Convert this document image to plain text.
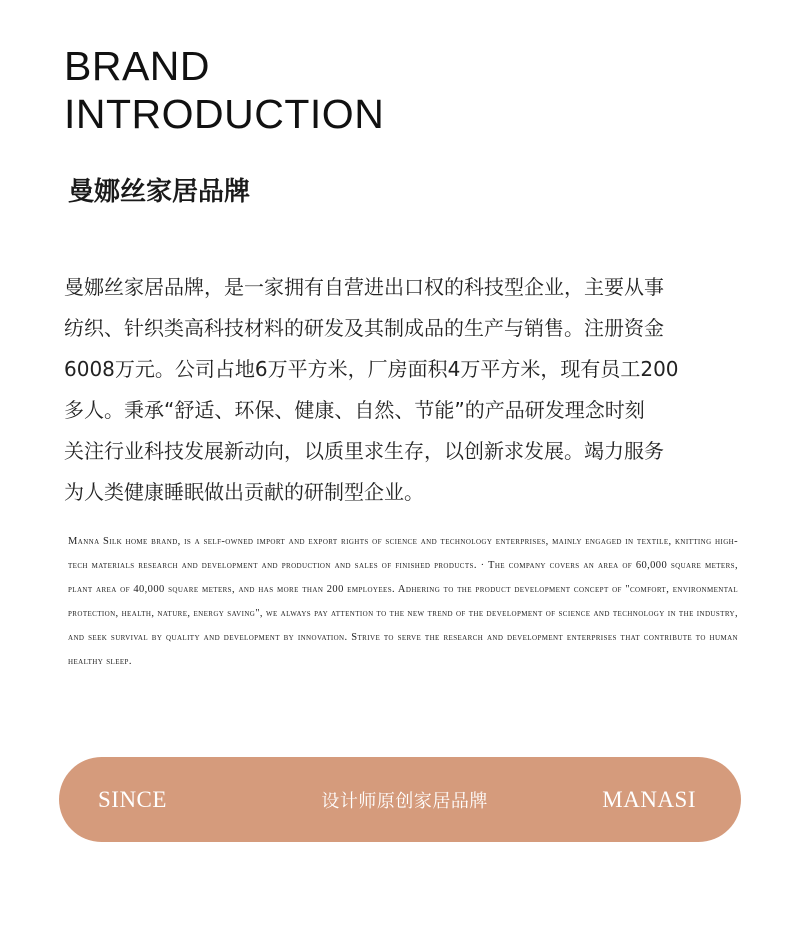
BRAND
INTRODUCTION
曼娜丝家居品牌

曼娜丝家居品牌，是一家拥有自营进出口权的科技型企业，主要从事
纺织、针织类高科技材料的研发及其制成品的生产与销售。注册资金
6008万元。公司占地6万平方米，厂房面积4万平方米，现有员工200
多人。秉承“舒适、环保、健康、自然、节能”的产品研发理念时刻
关注行业科技发展新动向，以质里求生存，以创新求发展。竭力服务
为人类健康睡眠做出贡献的研制型企业。

Manna Silk home brand, is a self-owned import and export rights of science and technology enterprises, mainly engaged in textile, knitting high-tech materials research and development and production and sales of finished products. · The company covers an area of 60,000 square meters, plant area of 40,000 square meters, and has more than 200 employees. Adhering to the product development concept of "comfort, environmental protection, health, nature, energy saving", we always pay attention to the new trend of the development of science and technology in the industry, and seek survival by quality and development by innovation. Strive to serve the research and development enterprises that contribute to human healthy sleep.

SINCE	设计师原创家居品牌	MANASI
